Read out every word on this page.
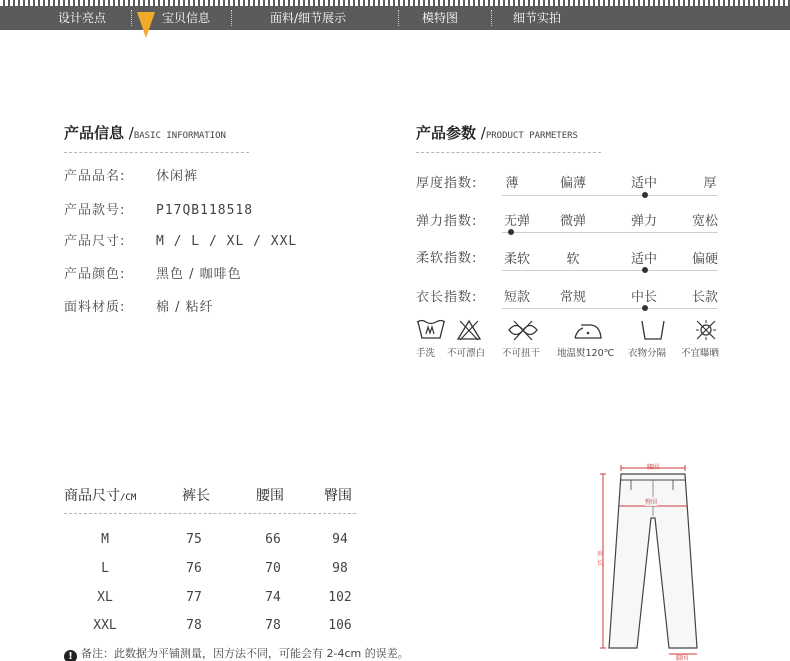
设计亮点	宝贝信息	面料/细节展示	模特图	细节实拍
产品信息 /BASIC INFORMATION
产品品名: 休闲裤
产品款号: P17QB118518
产品尺寸: M / L / XL / XXL
产品颜色: 黑色 / 咖啡色
面料材质: 棉 / 粘纤
产品参数 /PRODUCT PARMETERS
厚度指数:	薄	偏薄	适中	厚
弹力指数:	无弹	微弹	弹力	宽松
柔软指数:	柔软	软	适中	偏硬
衣长指数:	短款	常规	中长	长款
手洗 不可漂白 不可扭干 地温熨120℃ 衣物分隔 不宜曝晒
商品尺寸/CM	裤长	腰围	臀围
M	75	66	94
L	76	70	98
XL	77	74	102
XXL	78	78	106
! 备注：此数据为平铺测量，因方法不同，可能会有 2-4cm 的误差。
腰围
臀围
外长
脚围
